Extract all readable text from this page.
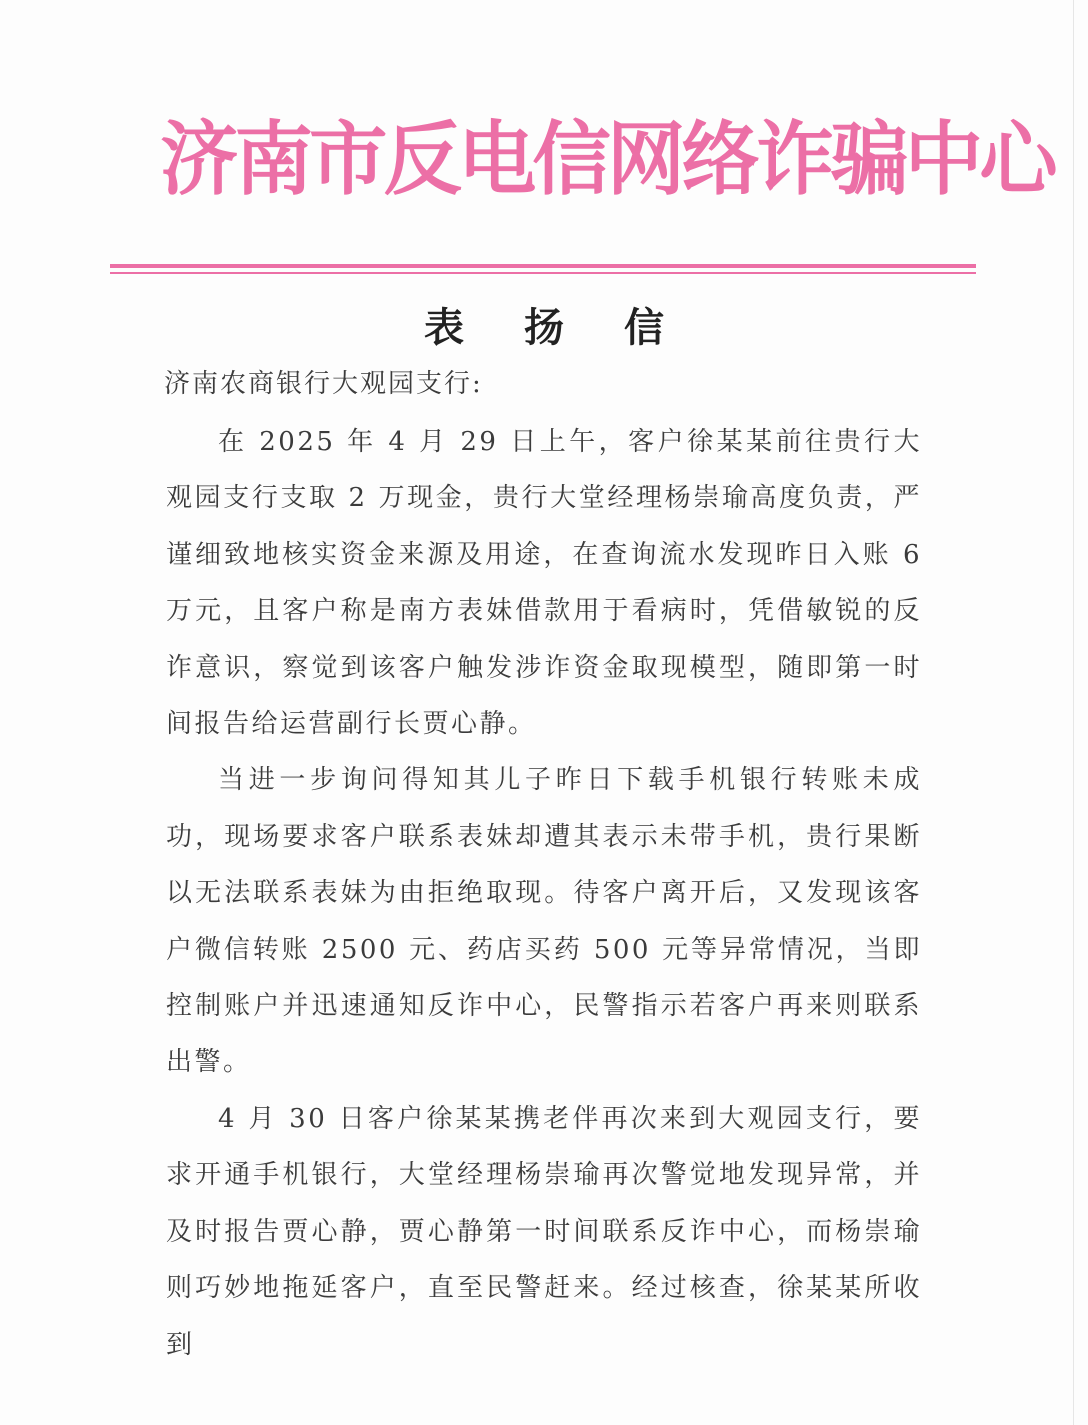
济南市反电信网络诈骗中心
表扬信
济南农商银行大观园支行:

在 2025 年 4 月 29 日上午，客户徐某某前往贵行大观园支行支取 2 万现金，贵行大堂经理杨崇瑜高度负责，严谨细致地核实资金来源及用途，在查询流水发现昨日入账 6 万元，且客户称是南方表妹借款用于看病时，凭借敏锐的反诈意识，察觉到该客户触发涉诈资金取现模型，随即第一时间报告给运营副行长贾心静。

当进一步询问得知其儿子昨日下载手机银行转账未成功，现场要求客户联系表妹却遭其表示未带手机，贵行果断以无法联系表妹为由拒绝取现。待客户离开后，又发现该客户微信转账 2500 元、药店买药 500 元等异常情况，当即控制账户并迅速通知反诈中心，民警指示若客户再来则联系出警。

4 月 30 日客户徐某某携老伴再次来到大观园支行，要求开通手机银行，大堂经理杨崇瑜再次警觉地发现异常，并及时报告贾心静，贾心静第一时间联系反诈中心，而杨崇瑜则巧妙地拖延客户，直至民警赶来。经过核查，徐某某所收到
